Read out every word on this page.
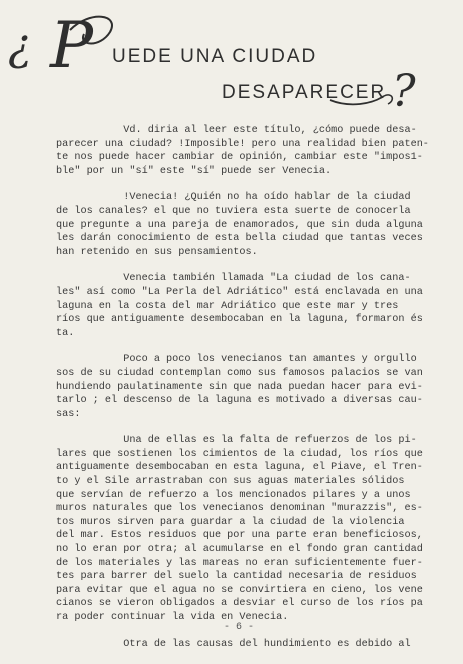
¿ P UEDE UNA CIUDAD
DESAPARECER ?
Vd. diria al leer este título, ¿cómo puede desa-
parecer una ciudad? !Imposible! pero una realidad bien paten-
te nos puede hacer cambiar de opinión, cambiar este "impos1-
ble" por un "sí" este "sí" puede ser Venecia.
!Venecia! ¿Quién no ha oído hablar de la ciudad
de los canales? el que no tuviera esta suerte de conocerla
que pregunte a una pareja de enamorados, que sin duda alguna
les darán conocimiento de esta bella ciudad que tantas veces
han retenido en sus pensamientos.
Venecia también llamada "La ciudad de los cana-
les" así como "La Perla del Adriático" está enclavada en una
laguna en la costa del mar Adriático que este mar y tres
ríos que antiguamente desembocaban en la laguna, formaron és
ta.
Poco a poco los venecianos tan amantes y orgullo
sos de su ciudad contemplan como sus famosos palacios se van
hundiendo paulatinamente sin que nada puedan hacer para evi-
tarlo ; el descenso de la laguna es motivado a diversas cau-
sas:
Una de ellas es la falta de refuerzos de los pi-
lares que sostienen los cimientos de la ciudad, los ríos que
antiguamente desembocaban en esta laguna, el Piave, el Tren-
to y el Sile arrastraban con sus aguas materiales sólidos
que servían de refuerzo a los mencionados pilares y a unos
muros naturales que los venecianos denominan "murazzis", es-
tos muros sirven para guardar a la ciudad de la violencia
del mar. Estos residuos que por una parte eran beneficiosos,
no lo eran por otra; al acumularse en el fondo gran cantidad
de los materiales y las mareas no eran suficientemente fuer-
tes para barrer del suelo la cantidad necesaria de residuos
para evitar que el agua no se convirtiera en cieno, los vene
cianos se vieron obligados a desviar el curso de los ríos pa
ra poder continuar la vida en Venecia.
Otra de las causas del hundimiento es debido al
- 6 -
